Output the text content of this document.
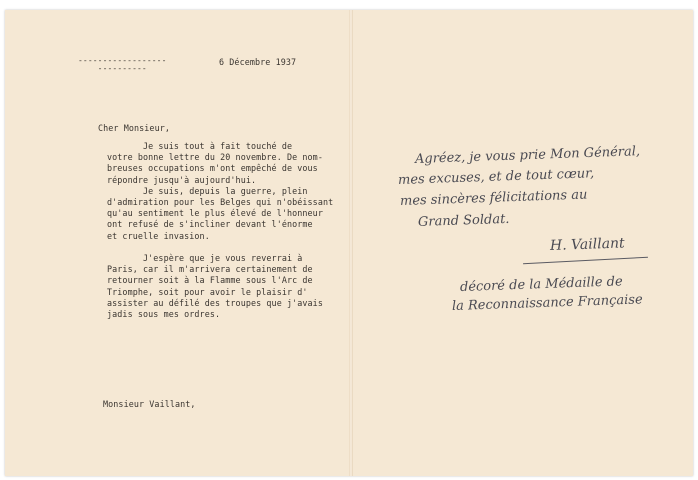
------------------
----------
6 Décembre 1937
Cher Monsieur,
Je suis tout à fait touché de
votre bonne lettre du 20 novembre. De nom-
breuses occupations m'ont empêché de vous
répondre jusqu'à aujourd'hui.
Je suis, depuis la guerre, plein
d'admiration pour les Belges qui n'obéissant
qu'au sentiment le plus élevé de l'honneur
ont refusé de s'incliner devant l'énorme
et cruelle invasion.

J'espère que je vous reverrai à
Paris, car il m'arrivera certainement de
retourner soit à la Flamme sous l'Arc de
Triomphe, soit pour avoir le plaisir d'
assister au défilé des troupes que j'avais
jadis sous mes ordres.
Monsieur Vaillant,
Agréez, je vous prie Mon Général,
mes excuses, et de tout cœur,
mes sincères félicitations au
Grand Soldat.
H. Vaillant
décoré de la Médaille de
la Reconnaissance Française
